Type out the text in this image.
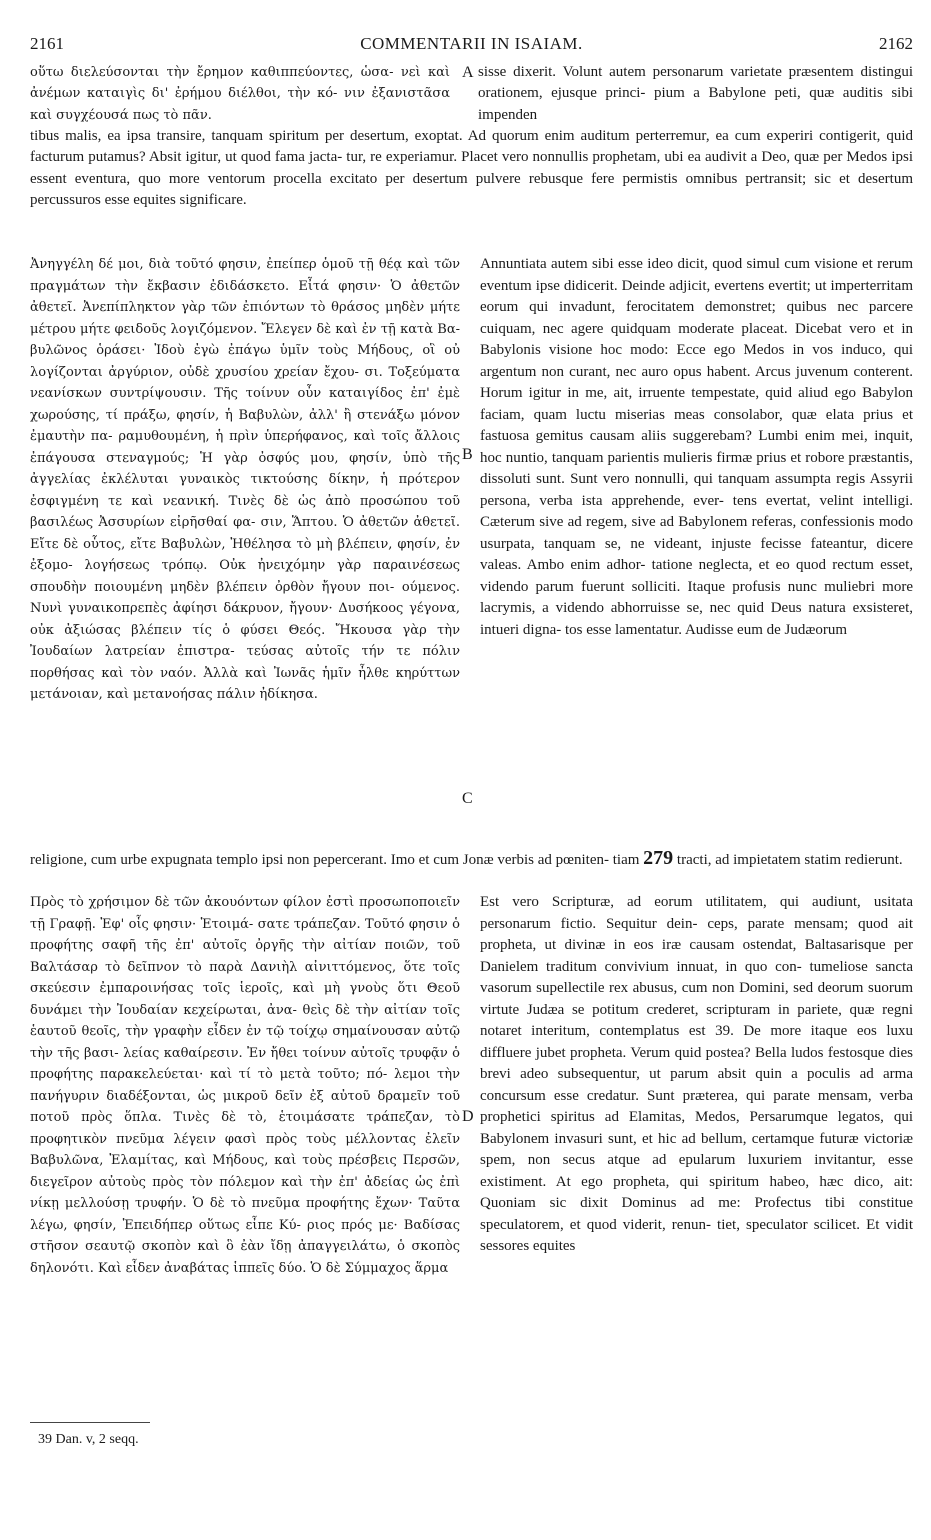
2161	COMMENTARII IN ISAIAM.	2162

οὕτω διελεύσονται τὴν ἔρημον καθιππεύοντες, ὡσα- νεὶ καὶ ἀνέμων καταιγὶς δι' ἐρήμου διέλθοι, τὴν κό- νιν ἐξανιστᾶσα καὶ συγχέουσά πως τὸ πᾶν.

A sisse dixerit. Volunt autem personarum varietate præsentem distingui orationem, ejusque princi- pium a Babylone peti, quæ auditis sibi impenden

tibus malis, ea ipsa transire, tanquam spiritum per desertum, exoptat. Ad quorum enim auditum perterremur, ea cum experiri contigerit, quid facturum putamus? Absit igitur, ut quod fama jacta- tur, re experiamur. Placet vero nonnullis prophetam, ubi ea audivit a Deo, quæ per Medos ipsi essent eventura, quo more ventorum procella excitato per desertum pulvere rebusque fere permistis omnibus pertransit; sic et desertum percussuros esse equites significare.

Ἀνηγγέλη δέ μοι, διὰ τοῦτό φησιν, ἐπείπερ ὁμοῦ τῇ θέᾳ καὶ τῶν πραγμάτων τὴν ἔκβασιν ἐδιδάσκετο. Εἶτά φησιν· Ὁ ἀθετῶν ἀθετεῖ. Ἀνεπίπληκτον γὰρ τῶν ἐπιόντων τὸ θράσος μηδὲν μήτε μέτρου μήτε φειδοῦς λογιζόμενον. Ἔλεγεν δὲ καὶ ἐν τῇ κατὰ Βα- βυλῶνος ὁράσει· Ἰδοὺ ἐγὼ ἐπάγω ὑμῖν τοὺς Μήδους, οἳ οὐ λογίζονται ἀργύριον, οὐδὲ χρυσίου χρείαν ἔχου- σι. Τοξεύματα νεανίσκων συντρίψουσιν. Τῆς τοίνυν οὖν καταιγίδος ἐπ' ἐμὲ χωρούσης, τί πράξω, φησίν, ἡ Βαβυλὼν, ἀλλ' ἢ στενάξω μόνον ἐμαυτὴν πα- ραμυθουμένη, ἡ πρὶν ὑπερήφανος, καὶ τοῖς ἄλλοις ἐπάγουσα στεναγμούς; Ἡ γὰρ ὀσφύς μου, φησίν, ὑπὸ τῆς ἀγγελίας ἐκλέλυται γυναικὸς τικτούσης δίκην, ἡ πρότερον ἐσφιγμένη τε καὶ νεανική. Τινὲς δὲ ὡς ἀπὸ προσώπου τοῦ βασιλέως Ἀσσυρίων εἰρῆσθαί φα- σιν, Ἅπτου. Ὁ ἀθετῶν ἀθετεῖ. Εἴτε δὲ οὗτος, εἴτε Βαβυλὼν, Ἠθέλησα τὸ μὴ βλέπειν, φησίν, ἐν ἐξομο- λογήσεως τρόπῳ. Οὐκ ἠνειχόμην γὰρ παραινέσεως σπουδὴν ποιουμένη μηδὲν βλέπειν ὀρθὸν ἤγουν ποι- ούμενος. Νυνὶ γυναικοπρεπὲς ἀφίησι δάκρυον, ἤγουν· Δυσήκοος γέγονα, οὐκ ἀξιώσας βλέπειν τίς ὁ φύσει Θεός. Ἤκουσα γὰρ τὴν Ἰουδαίων λατρείαν ἐπιστρα- τεύσας αὐτοῖς τήν τε πόλιν πορθήσας καὶ τὸν ναόν. Ἀλλὰ καὶ Ἰωνᾶς ἡμῖν ἦλθε κηρύττων μετάνοιαν, καὶ μετανοήσας πάλιν ἠδίκησα.

B
C

Annuntiata autem sibi esse ideo dicit, quod simul cum visione et rerum eventum ipse didicerit. Deinde adjicit, evertens evertit; ut imperterritam eorum qui invadunt, ferocitatem demonstret; quibus nec parcere cuiquam, nec agere quidquam moderate placeat. Dicebat vero et in Babylonis visione hoc modo: Ecce ego Medos in vos induco, qui argentum non curant, nec auro opus habent. Arcus juvenum conterent. Horum igitur in me, ait, irruente tempestate, quid aliud ego Babylon faciam, quam luctu miserias meas consolabor, quæ elata prius et fastuosa gemitus causam aliis suggerebam? Lumbi enim mei, inquit, hoc nuntio, tanquam parientis mulieris firmæ prius et robore præstantis, dissoluti sunt. Sunt vero nonnulli, qui tanquam assumpta regis Assyrii persona, verba ista apprehende, ever- tens evertat, velint intelligi. Cæterum sive ad regem, sive ad Babylonem referas, confessionis modo usurpata, tanquam se, ne videant, injuste fecisse fateantur, dicere valeas. Ambo enim adhor- tatione neglecta, et eo quod rectum esset, videndo parum fuerunt solliciti. Itaque profusis nunc muliebri more lacrymis, a videndo abhorruisse se, nec quid Deus natura exsisteret, intueri digna- tos esse lamentatur. Audisse eum de Judæorum

religione, cum urbe expugnata templo ipsi non pepercerant. Imo et cum Jonæ verbis ad pœniten- tiam 279 tracti, ad impietatem statim redierunt.

Πρὸς τὸ χρήσιμον δὲ τῶν ἀκουόντων φίλον ἐστὶ προσωποποιεῖν τῇ Γραφῇ. Ἐφ' οἷς φησιν· Ἑτοιμά- σατε τράπεζαν. Τοῦτό φησιν ὁ προφήτης σαφῆ τῆς ἐπ' αὐτοῖς ὀργῆς τὴν αἰτίαν ποιῶν, τοῦ Βαλτάσαρ τὸ δεῖπνον τὸ παρὰ Δανιὴλ αἰνιττόμενος, ὅτε τοῖς σκεύεσιν ἐμπαροινήσας τοῖς ἱεροῖς, καὶ μὴ γνοὺς ὅτι Θεοῦ δυνάμει τὴν Ἰουδαίαν κεχείρωται, ἀνα- θεὶς δὲ τὴν αἰτίαν τοῖς ἑαυτοῦ θεοῖς, τὴν γραφὴν εἶδεν ἐν τῷ τοίχῳ σημαίνουσαν αὐτῷ τὴν τῆς βασι- λείας καθαίρεσιν. Ἐν ἤθει τοίνυν αὐτοῖς τρυφᾷν ὁ προφήτης παρακελεύεται· καὶ τί τὸ μετὰ τοῦτο; πό- λεμοι τὴν πανήγυριν διαδέξονται, ὡς μικροῦ δεῖν ἐξ αὐτοῦ δραμεῖν τοῦ ποτοῦ πρὸς ὅπλα. Τινὲς δὲ τὸ, ἑτοιμάσατε τράπεζαν, τὸ προφητικὸν πνεῦμα λέγειν φασὶ πρὸς τοὺς μέλλοντας ἐλεῖν Βαβυλῶνα, Ἐλαμίτας, καὶ Μήδους, καὶ τοὺς πρέσβεις Περσῶν, διεγεῖρον αὐτοὺς πρὸς τὸν πόλεμον καὶ τὴν ἐπ' ἀδείας ὡς ἐπὶ νίκῃ μελλούσῃ τρυφήν. Ὁ δὲ τὸ πνεῦμα προφήτης ἔχων· Ταῦτα λέγω, φησίν, Ἐπειδήπερ οὕτως εἶπε Κύ- ριος πρός με· Βαδίσας στῆσον σεαυτῷ σκοπὸν καὶ ὃ ἐὰν ἴδῃ ἀπαγγειλάτω, ὁ σκοπὸς δηλονότι. Καὶ εἶδεν ἀναβάτας ἱππεῖς δύο. Ὁ δὲ Σύμμαχος ἅρμα

D

Est vero Scripturæ, ad eorum utilitatem, qui audiunt, usitata personarum fictio. Sequitur dein- ceps, parate mensam; quod ait propheta, ut divinæ in eos iræ causam ostendat, Baltasarisque per Danielem traditum convivium innuat, in quo con- tumeliose sancta vasorum supellectile rex abusus, cum non Domini, sed deorum suorum virtute Judæa se potitum crederet, scripturam in pariete, quæ regni notaret interitum, contemplatus est 39. De more itaque eos luxu diffluere jubet propheta. Verum quid postea? Bella ludos festosque dies brevi adeo subsequentur, ut parum absit quin a poculis ad arma concursum esse credatur. Sunt præterea, qui parate mensam, verba prophetici spiritus ad Elamitas, Medos, Persarumque legatos, qui Babylonem invasuri sunt, et hic ad bellum, certamque futuræ victoriæ spem, non secus atque ad epularum luxuriem invitantur, esse existiment. At ego propheta, qui spiritum habeo, hæc dico, ait: Quoniam sic dixit Dominus ad me: Profectus tibi constitue speculatorem, et quod viderit, renun- tiet, speculator scilicet. Et vidit sessores equites

39 Dan. v, 2 seqq.
